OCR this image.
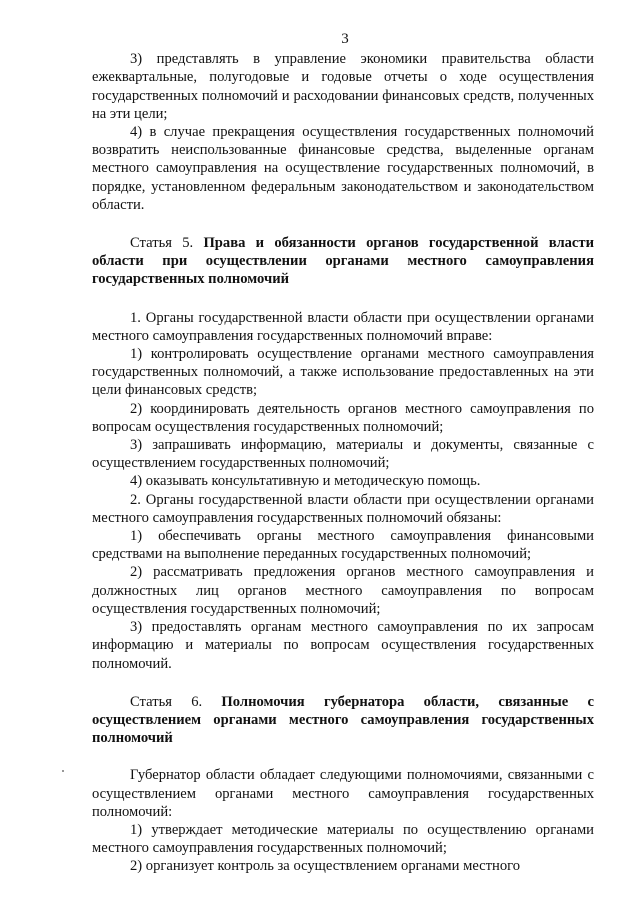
3

3) представлять в управление экономики правительства области ежеквартальные, полугодовые и годовые отчеты о ходе осуществления государственных полномочий и расходовании финансовых средств, полученных на эти цели;

4) в случае прекращения осуществления государственных полномочий возвратить неиспользованные финансовые средства, выделенные органам местного самоуправления на осуществление государственных полномочий, в порядке, установленном федеральным законодательством и законодательством области.

Статья 5. Права и обязанности органов государственной власти области при осуществлении органами местного самоуправления государственных полномочий

1. Органы государственной власти области при осуществлении органами местного самоуправления государственных полномочий вправе:

1) контролировать осуществление органами местного самоуправления государственных полномочий, а также использование предоставленных на эти цели финансовых средств;

2) координировать деятельность органов местного самоуправления по вопросам осуществления государственных полномочий;

3) запрашивать информацию, материалы и документы, связанные с осуществлением государственных полномочий;

4) оказывать консультативную и методическую помощь.

2. Органы государственной власти области при осуществлении органами местного самоуправления государственных полномочий обязаны:

1) обеспечивать органы местного самоуправления финансовыми средствами на выполнение переданных государственных полномочий;

2) рассматривать предложения органов местного самоуправления и должностных лиц органов местного самоуправления по вопросам осуществления государственных полномочий;

3) предоставлять органам местного самоуправления по их запросам информацию и материалы по вопросам осуществления государственных полномочий.

Статья 6. Полномочия губернатора области, связанные с осуществлением органами местного самоуправления государственных полномочий

Губернатор области обладает следующими полномочиями, связанными с осуществлением органами местного самоуправления государственных полномочий:

1) утверждает методические материалы по осуществлению органами местного самоуправления государственных полномочий;

2) организует контроль за осуществлением органами местного
